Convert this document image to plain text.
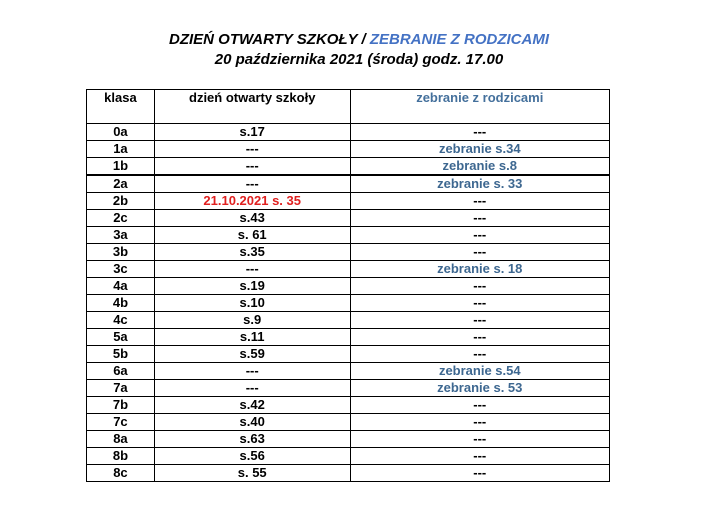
DZIEŃ OTWARTY SZKOŁY / ZEBRANIE Z RODZICAMI
20 października 2021 (środa) godz. 17.00
klasa	dzień otwarty szkoły	zebranie z rodzicami
0a	s.17	---
1a	---	zebranie s.34
1b	---	zebranie s.8
2a	---	zebranie s. 33
2b	21.10.2021 s. 35	---
2c	s.43	---
3a	s. 61	---
3b	s.35	---
3c	---	zebranie s. 18
4a	s.19	---
4b	s.10	---
4c	s.9	---
5a	s.11	---
5b	s.59	---
6a	---	zebranie s.54
7a	---	zebranie s. 53
7b	s.42	---
7c	s.40	---
8a	s.63	---
8b	s.56	---
8c	s. 55	---
